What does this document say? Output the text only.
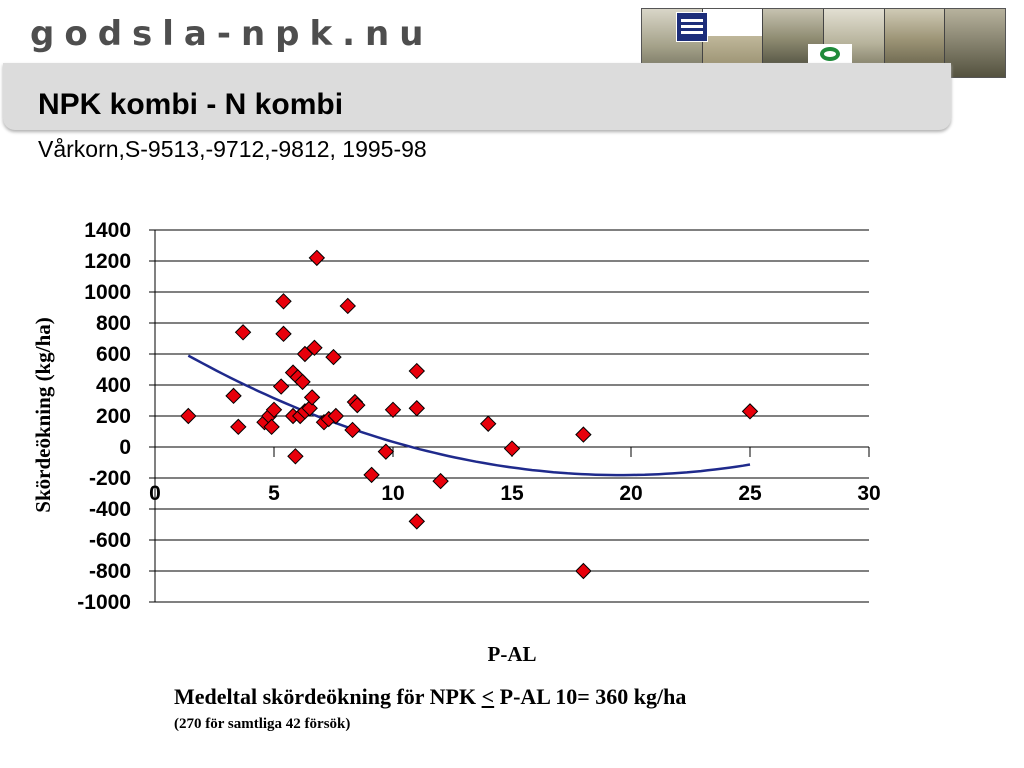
godsla-npk.nu
NPK kombi - N kombi
Vårkorn,S-9513,-9712,-9812, 1995-98
-1000
-800
-600
-400
-200
0
200
400
600
800
1000
1200
1400
0	5	10	15	20	25	30
P-AL
Skördeökning (kg/ha)
Medeltal skördeökning för NPK < P-AL 10= 360 kg/ha
(270 för samtliga 42 försök)
